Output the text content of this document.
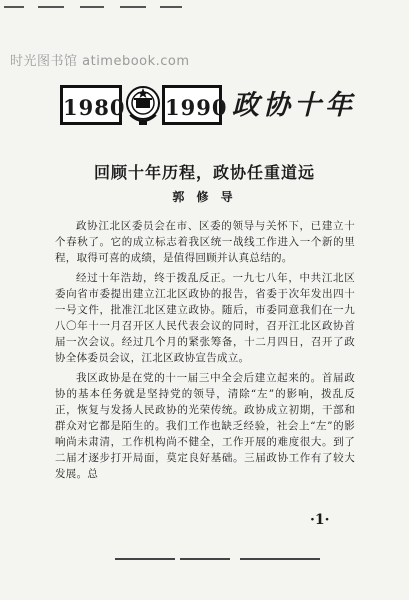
时光图书馆 atimebook.com
1980 1990 政协十年
回顾十年历程，政协任重道远
郭 修 导

政协江北区委员会在市、区委的领导与关怀下，已建立十个春秋了。它的成立标志着我区统一战线工作进入一个新的里程，取得可喜的成绩，是值得回顾并认真总结的。

经过十年浩劫，终于拨乱反正。一九七八年，中共江北区委向省市委提出建立江北区政协的报告，省委于次年发出四十一号文件，批准江北区建立政协。随后，市委同意我们在一九八〇年十一月召开区人民代表会议的同时，召开江北区政协首届一次会议。经过几个月的紧张筹备，十二月四日，召开了政协全体委员会议，江北区政协宣告成立。

我区政协是在党的十一届三中全会后建立起来的。首届政协的基本任务就是坚持党的领导，清除“左”的影响，拨乱反正，恢复与发扬人民政协的光荣传统。政协成立初期，干部和群众对它都是陌生的。我们工作也缺乏经验，社会上“左”的影响尚未肃清，工作机构尚不健全，工作开展的难度很大。到了二届才逐步打开局面，莫定良好基础。三届政协工作有了较大发展。总

·1·
